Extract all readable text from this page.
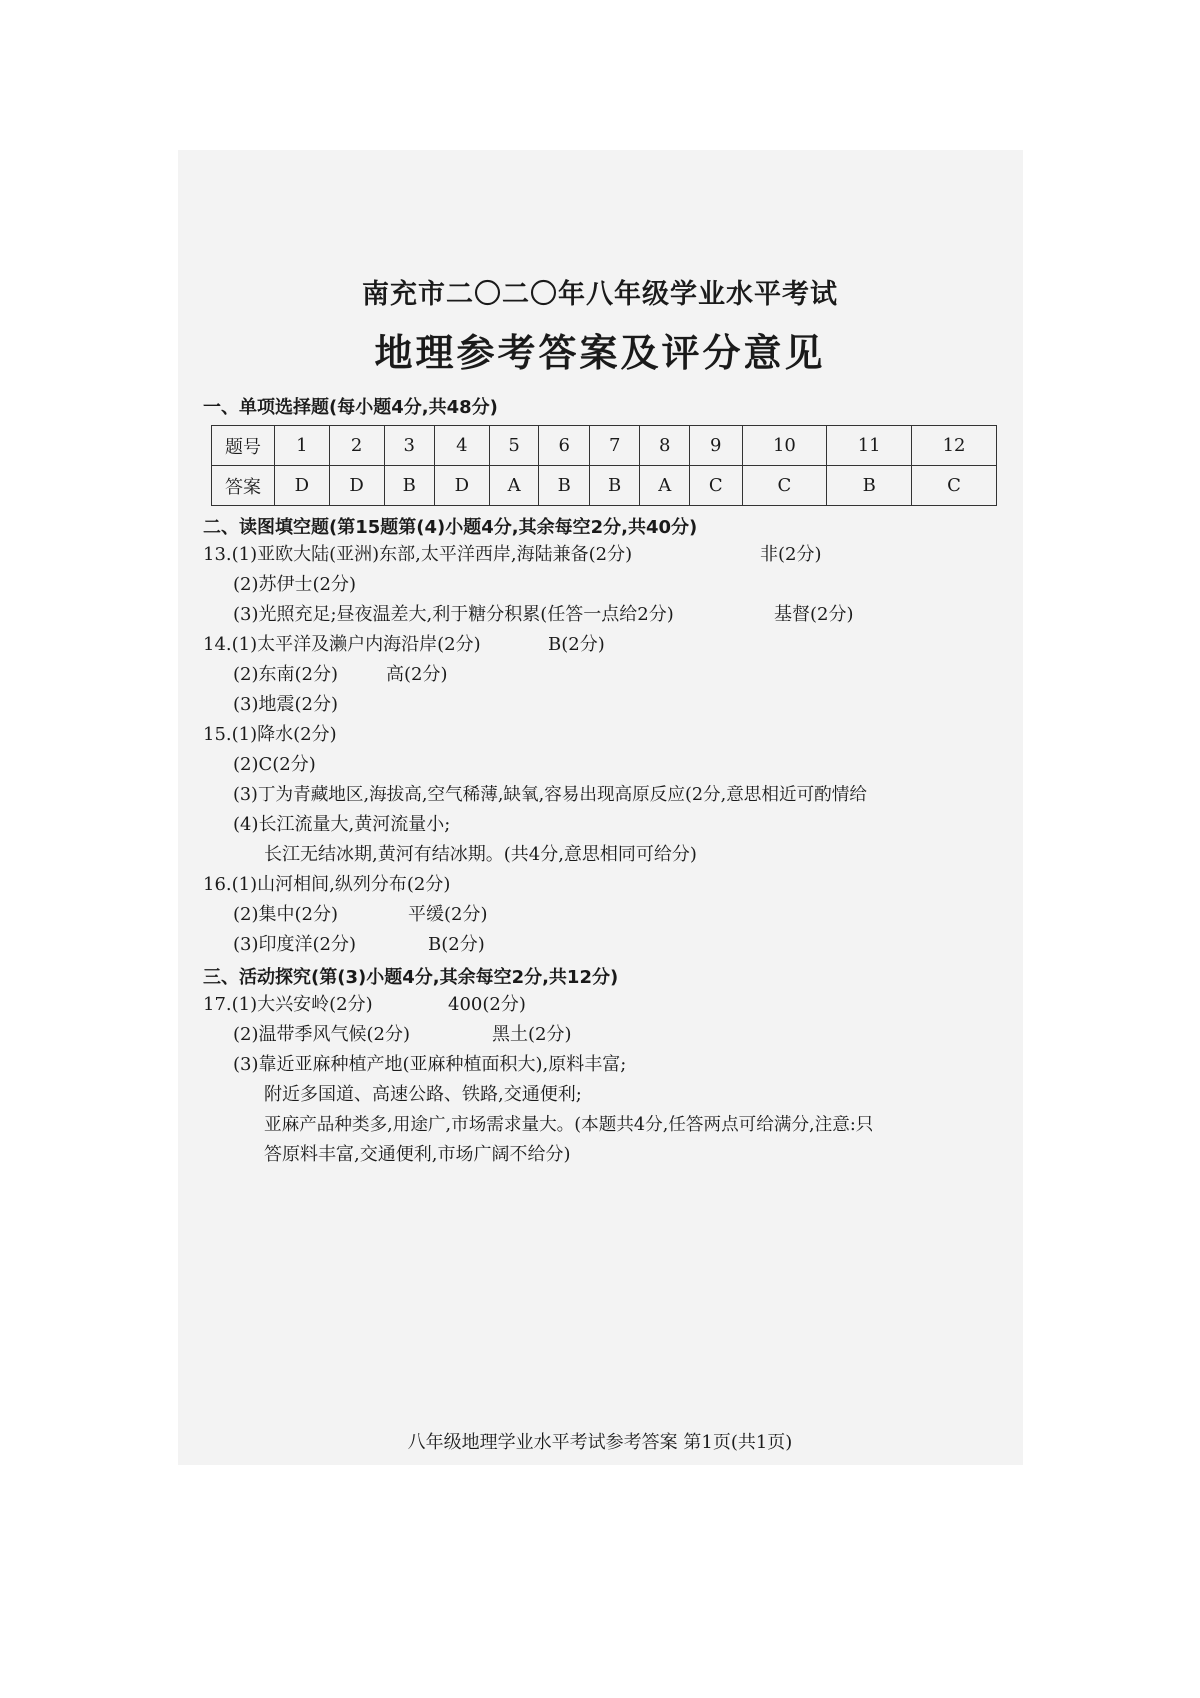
南充市二〇二〇年八年级学业水平考试
地理参考答案及评分意见
一、单项选择题(每小题4分,共48分)
题号	1	2	3	4	5	6	7	8	9	10	11	12
答案	D	D	B	D	A	B	B	A	C	C	B	C
二、读图填空题(第15题第(4)小题4分,其余每空2分,共40分)
13.(1)亚欧大陆(亚洲)东部,太平洋西岸,海陆兼备(2分)	非(2分)
(2)苏伊士(2分)
(3)光照充足;昼夜温差大,利于糖分积累(任答一点给2分)	基督(2分)
14.(1)太平洋及濑户内海沿岸(2分)	B(2分)
(2)东南(2分)	高(2分)
(3)地震(2分)
15.(1)降水(2分)
(2)C(2分)
(3)丁为青藏地区,海拔高,空气稀薄,缺氧,容易出现高原反应(2分,意思相近可酌情给
(4)长江流量大,黄河流量小;
长江无结冰期,黄河有结冰期。(共4分,意思相同可给分)
16.(1)山河相间,纵列分布(2分)
(2)集中(2分)	平缓(2分)
(3)印度洋(2分)	B(2分)
三、活动探究(第(3)小题4分,其余每空2分,共12分)
17.(1)大兴安岭(2分)	400(2分)
(2)温带季风气候(2分)	黑土(2分)
(3)靠近亚麻种植产地(亚麻种植面积大),原料丰富;
附近多国道、高速公路、铁路,交通便利;
亚麻产品种类多,用途广,市场需求量大。(本题共4分,任答两点可给满分,注意:只
答原料丰富,交通便利,市场广阔不给分)
八年级地理学业水平考试参考答案 第1页(共1页)
